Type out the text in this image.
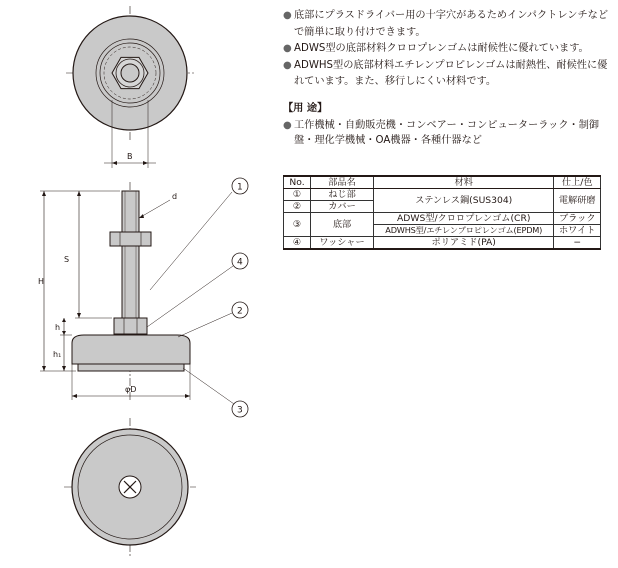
B
H
S
h
h₁
φD
d
1
4
2
3
● 底部にプラスドライバー用の十字穴があるためインパクトレンチなどで簡単に取り付けできます。
● ADWS型の底部材料クロロプレンゴムは耐候性に優れています。
● ADWHS型の底部材料エチレンプロピレンゴムは耐熱性、耐候性に優れています。また、移行しにくい材料です。
【用 途】
● 工作機械・自動販売機・コンベアー・コンピューターラック・制御盤・理化学機械・OA機器・各種什器など
No.	部品名	材料	仕上/色
①	ねじ部	ステンレス鋼(SUS304)	電解研磨
②	カバー		
③	底部	ADWS型/クロロプレンゴム(CR)	ブラック
		ADWHS型/エチレンプロピレンゴム(EPDM)	ホワイト
④	ワッシャー	ポリアミド(PA)	−
